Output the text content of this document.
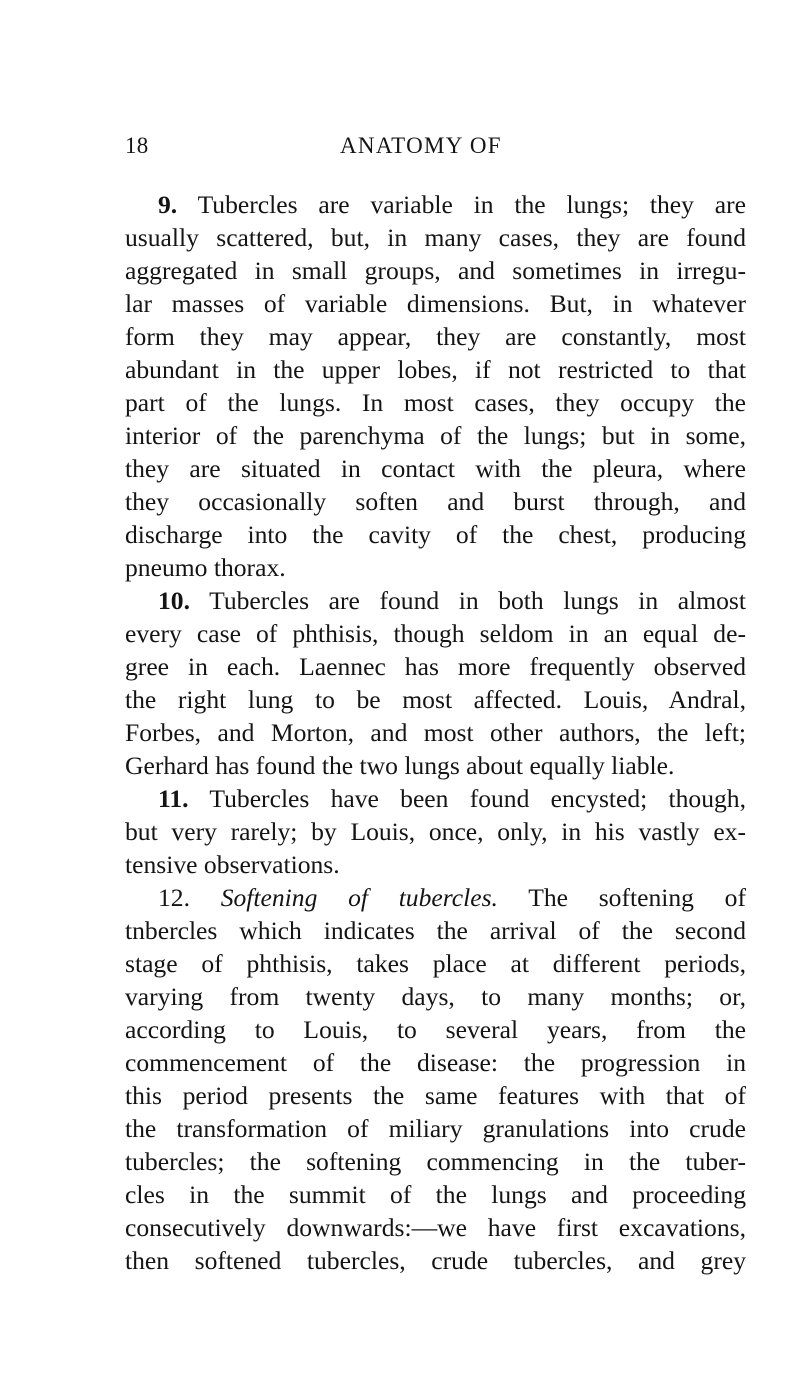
18	ANATOMY OF
9. Tubercles are variable in the lungs; they are
usually scattered, but, in many cases, they are found
aggregated in small groups, and sometimes in irregu-
lar masses of variable dimensions. But, in whatever
form they may appear, they are constantly, most
abundant in the upper lobes, if not restricted to that
part of the lungs. In most cases, they occupy the
interior of the parenchyma of the lungs; but in some,
they are situated in contact with the pleura, where
they occasionally soften and burst through, and
discharge into the cavity of the chest, producing
pneumo thorax.
10. Tubercles are found in both lungs in almost
every case of phthisis, though seldom in an equal de-
gree in each. Laennec has more frequently observed
the right lung to be most affected. Louis, Andral,
Forbes, and Morton, and most other authors, the left;
Gerhard has found the two lungs about equally liable.
11. Tubercles have been found encysted; though,
but very rarely; by Louis, once, only, in his vastly ex-
tensive observations.
12. Softening of tubercles. The softening of
tnbercles which indicates the arrival of the second
stage of phthisis, takes place at different periods,
varying from twenty days, to many months; or,
according to Louis, to several years, from the
commencement of the disease: the progression in
this period presents the same features with that of
the transformation of miliary granulations into crude
tubercles; the softening commencing in the tuber-
cles in the summit of the lungs and proceeding
consecutively downwards:—we have first excavations,
then softened tubercles, crude tubercles, and grey
